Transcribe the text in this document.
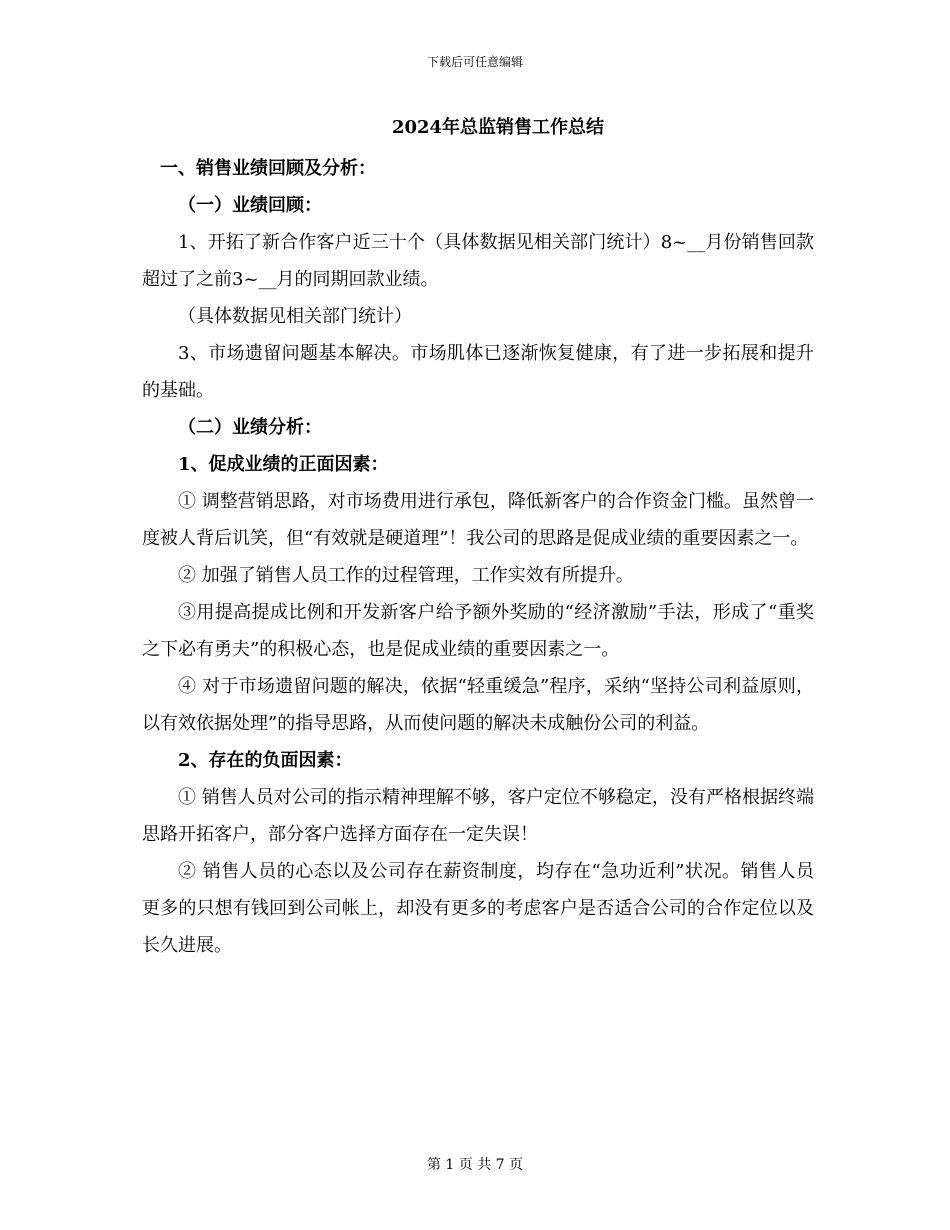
下载后可任意编辑
2024年总监销售工作总结

一、销售业绩回顾及分析：

（一）业绩回顾：

1、开拓了新合作客户近三十个（具体数据见相关部门统计）8~__月份销售回款超过了之前3~__月的同期回款业绩。

（具体数据见相关部门统计）

3、市场遗留问题基本解决。市场肌体已逐渐恢复健康，有了进一步拓展和提升的基础。

（二）业绩分析：

1、促成业绩的正面因素：

① 调整营销思路，对市场费用进行承包，降低新客户的合作资金门槛。虽然曾一度被人背后讥笑，但“有效就是硬道理”！我公司的思路是促成业绩的重要因素之一。

② 加强了销售人员工作的过程管理，工作实效有所提升。

③用提高提成比例和开发新客户给予额外奖励的“经济激励”手法，形成了“重奖之下必有勇夫”的积极心态，也是促成业绩的重要因素之一。

④ 对于市场遗留问题的解决，依据“轻重缓急”程序，采纳“坚持公司利益原则，以有效依据处理”的指导思路，从而使问题的解决未成触份公司的利益。

2、存在的负面因素：

① 销售人员对公司的指示精神理解不够，客户定位不够稳定，没有严格根据终端思路开拓客户，部分客户选择方面存在一定失误！

② 销售人员的心态以及公司存在薪资制度，均存在“急功近利”状况。销售人员更多的只想有钱回到公司帐上，却没有更多的考虑客户是否适合公司的合作定位以及长久进展。

第 1 页 共 7 页
